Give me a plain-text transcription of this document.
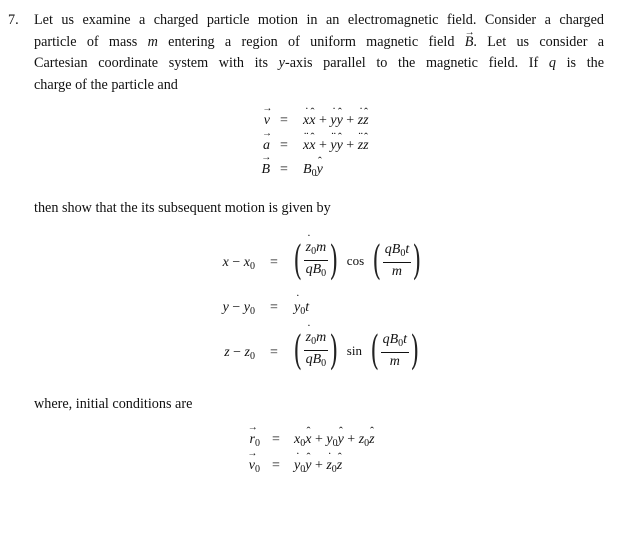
7. Let us examine a charged particle motion in an electromagnetic field. Consider a charged
particle of mass m entering a region of uniform magnetic field B →. Let us consider a
Cartesian coordinate system with its y-axis parallel to the magnetic field. If q is the
charge of the particle and
v → = x ˙x ˆ + y ˙y ˆ + z ˙z ˆ
a → = x ¨x ˆ + y ¨y ˆ + z ¨z ˆ
B → = $B_0y$ ˆ
then show that the its subsequent motion is given by
$x - x_0$ = ( $\frac{z ˙_0m}{qB_0}$ ) cos ( $\frac{qB_0t}{m}$ )
$y - y_0 = y$ $˙_0t$
$z - z_0$ = ( $\frac{z ˙_0m}{qB_0}$ ) sin ( $\frac{qB_0t}{m}$ )
where, initial conditions are
$r \to_0 = x_0x$ ˆ + $y_0y$ ˆ + $z_0z$ ˆ
$v \to_0 = y$ $˙_0y$ ˆ + z $˙_0z$ ˆ
